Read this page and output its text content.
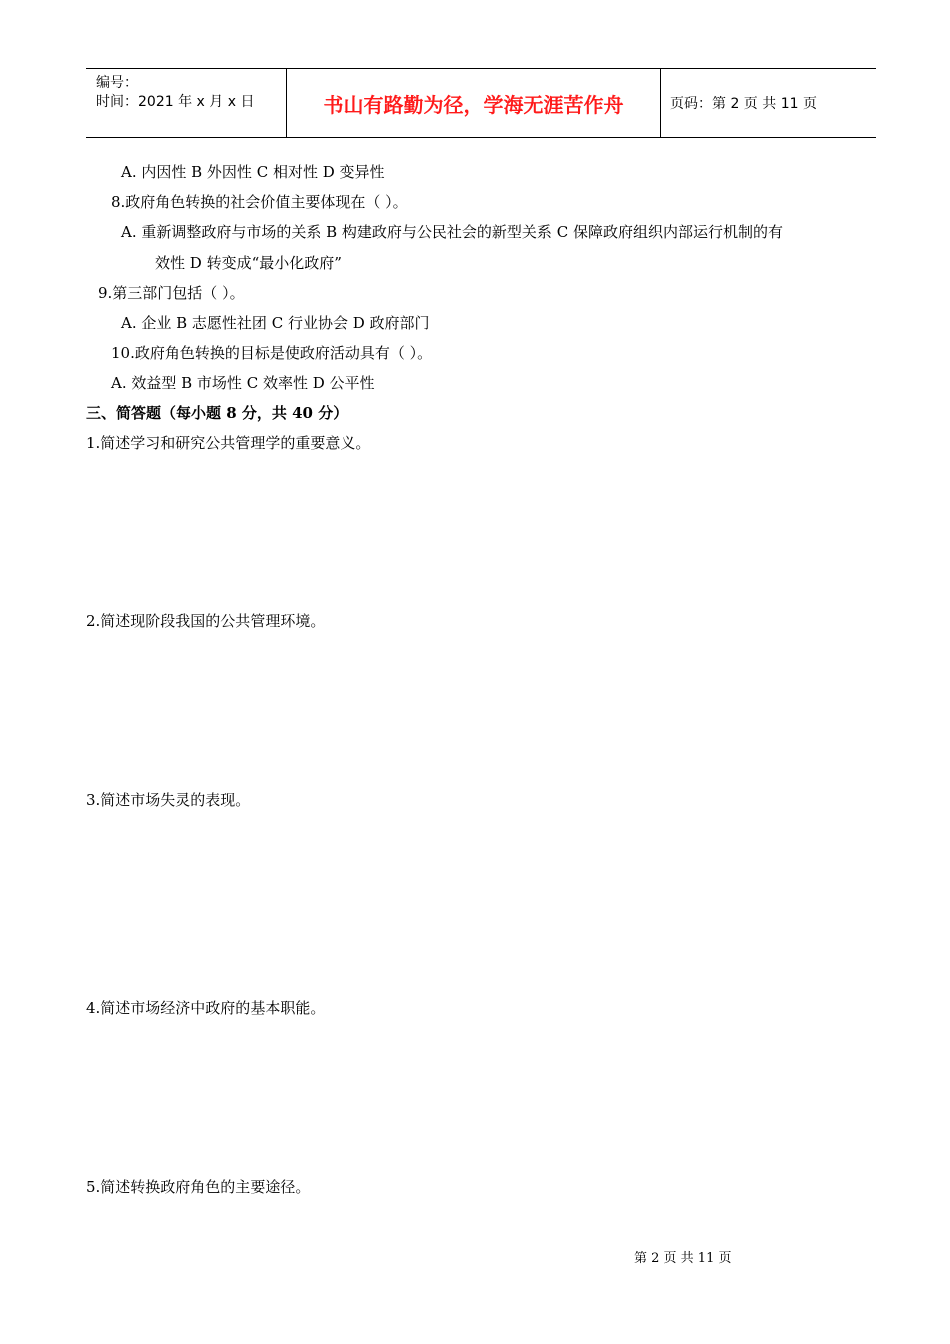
编号：
时间：2021 年 x 月 x 日	书山有路勤为径，学海无涯苦作舟	页码：第 2 页 共 11 页
A. 内因性 B 外因性 C 相对性 D 变异性
8.政府角色转换的社会价值主要体现在（ ）。
A. 重新调整政府与市场的关系 B 构建政府与公民社会的新型关系 C 保障政府组织内部运行机制的有
效性 D 转变成“最小化政府”
9.第三部门包括（ ）。
A. 企业 B 志愿性社团 C 行业协会 D 政府部门
10.政府角色转换的目标是使政府活动具有（ ）。
A. 效益型 B 市场性 C 效率性 D 公平性
三、简答题（每小题 8 分，共 40 分）
1.简述学习和研究公共管理学的重要意义。
2.简述现阶段我国的公共管理环境。
3.简述市场失灵的表现。
4.简述市场经济中政府的基本职能。
5.简述转换政府角色的主要途径。
第 2 页 共 11 页
